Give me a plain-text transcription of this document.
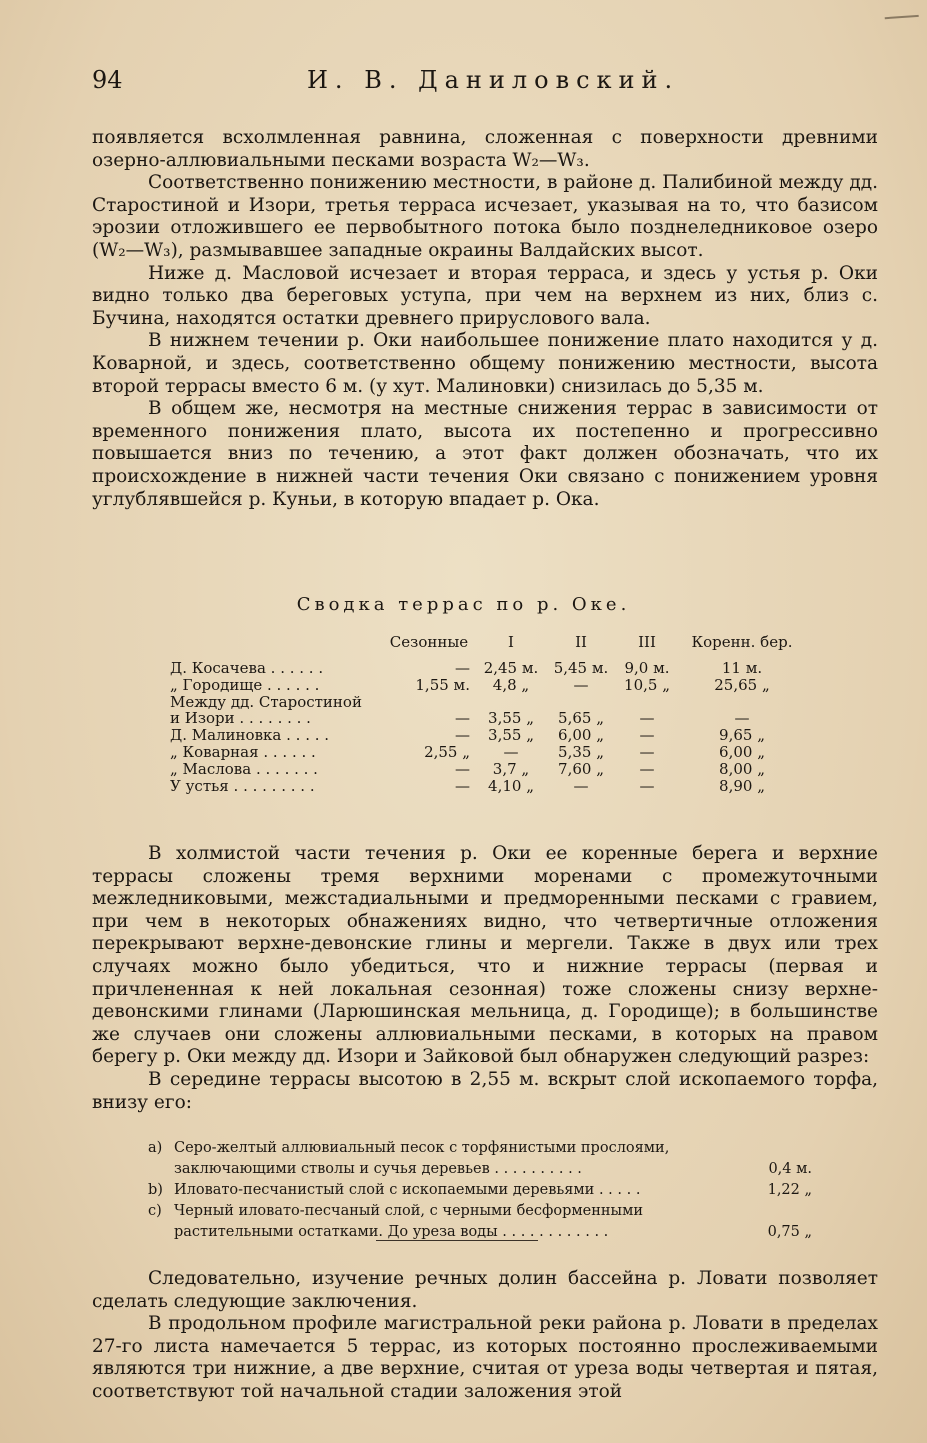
94	И. В. Даниловский.

появляется всхолмленная равнина, сложенная с поверхности древними озерно-аллювиальными песками возраста W₂—W₃.

Соответственно понижению местности, в районе д. Палибиной между дд. Старостиной и Изори, третья терраса исчезает, указывая на то, что базисом эрозии отложившего ее первобытного потока было позднеледниковое озеро (W₂—W₃), размывавшее западные окраины Валдайских высот.

Ниже д. Масловой исчезает и вторая терраса, и здесь у устья р. Оки видно только два береговых уступа, при чем на верхнем из них, близ с. Бучина, находятся остатки древнего прируслового вала.

В нижнем течении р. Оки наибольшее понижение плато находится у д. Коварной, и здесь, соответственно общему понижению местности, высота второй террасы вместо 6 м. (у хут. Малиновки) снизилась до 5,35 м.

В общем же, несмотря на местные снижения террас в зависимости от временного понижения плато, высота их постепенно и прогрессивно повышается вниз по течению, а этот факт должен обозначать, что их происхождение в нижней части течения Оки связано с понижением уровня углублявшейся р. Куньи, в которую впадает р. Ока.

Сводка террас по р. Оке.
	Сезонные	I	II	III	Коренн. бер.
Д. Косачева . . . . . .	—	2,45 м.	5,45 м.	9,0 м.	11 м.
„ Городище . . . . . .	1,55 м.	4,8 „	—	10,5 „	25,65 „
Между дд. Старостиной					
и Изори . . . . . . . .	—	3,55 „	5,65 „	—	—
Д. Малиновка . . . . .	—	3,55 „	6,00 „	—	9,65 „
„ Коварная . . . . . .	2,55 „	—	5,35 „	—	6,00 „
„ Маслова . . . . . . .	—	3,7 „	7,60 „	—	8,00 „
У устья . . . . . . . . .	—	4,10 „	—	—	8,90 „

В холмистой части течения р. Оки ее коренные берега и верхние террасы сложены тремя верхними моренами с промежуточными межледниковыми, межстадиальными и предморенными песками с гравием, при чем в некоторых обнажениях видно, что четвертичные отложения перекрывают верхне-девонские глины и мергели. Также в двух или трех случаях можно было убедиться, что и нижние террасы (первая и причлененная к ней локальная сезонная) тоже сложены снизу верхне-девонскими глинами (Ларюшинская мельница, д. Городище); в большинстве же случаев они сложены аллювиальными песками, в которых на правом берегу р. Оки между дд. Изори и Зайковой был обнаружен следующий разрез:

В середине террасы высотою в 2,55 м. вскрыт слой ископаемого торфа, внизу его:

a) Серо-желтый аллювиальный песок с торфянистыми прослоями, заключающими стволы и сучья деревьев . . . . . . . . . .	0,4 м.
b) Иловато-песчанистый слой с ископаемыми деревьями . . . . .	1,22 „
c) Черный иловато-песчаный слой, с черными бесформенными растительными остатками. До уреза воды . . . . . . . . . . . .	0,75 „

Следовательно, изучение речных долин бассейна р. Ловати позволяет сделать следующие заключения.

В продольном профиле магистральной реки района р. Ловати в пределах 27-го листа намечается 5 террас, из которых постоянно прослеживаемыми являются три нижние, а две верхние, считая от уреза воды четвертая и пятая, соответствуют той начальной стадии заложения этой
